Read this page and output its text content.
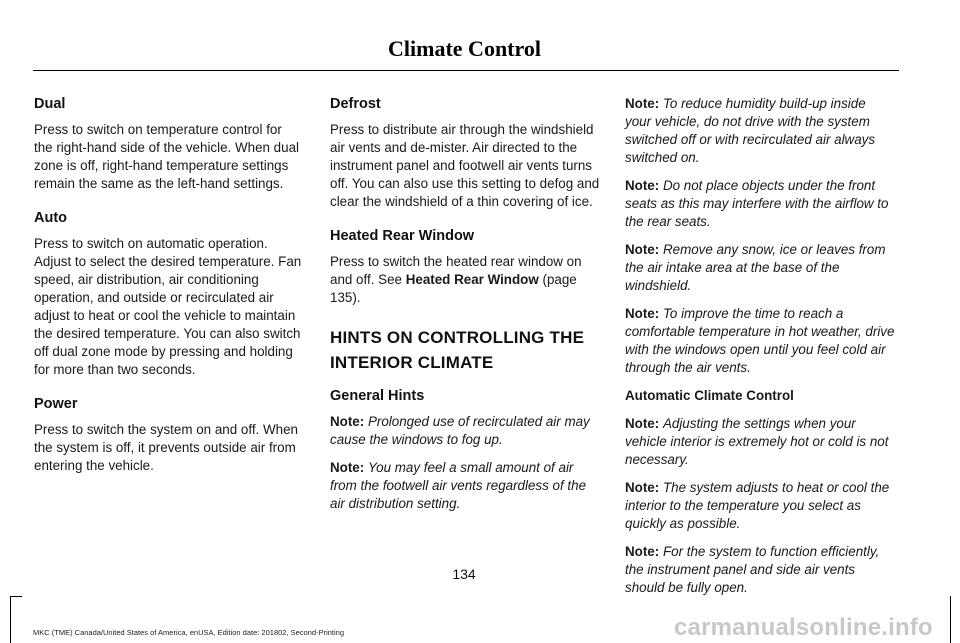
Climate Control
Dual

Press to switch on temperature control for the right-hand side of the vehicle. When dual zone is off, right-hand temperature settings remain the same as the left-hand settings.

Auto

Press to switch on automatic operation. Adjust to select the desired temperature. Fan speed, air distribution, air conditioning operation, and outside or recirculated air adjust to heat or cool the vehicle to maintain the desired temperature. You can also switch off dual zone mode by pressing and holding for more than two seconds.

Power

Press to switch the system on and off. When the system is off, it prevents outside air from entering the vehicle.

Defrost

Press to distribute air through the windshield air vents and de-mister. Air directed to the instrument panel and footwell air vents turns off. You can also use this setting to defog and clear the windshield of a thin covering of ice.

Heated Rear Window

Press to switch the heated rear window on and off. See Heated Rear Window (page 135).

HINTS ON CONTROLLING THE INTERIOR CLIMATE
General Hints

Note: Prolonged use of recirculated air may cause the windows to fog up.

Note: You may feel a small amount of air from the footwell air vents regardless of the air distribution setting.

Note: To reduce humidity build-up inside your vehicle, do not drive with the system switched off or with recirculated air always switched on.

Note: Do not place objects under the front seats as this may interfere with the airflow to the rear seats.

Note: Remove any snow, ice or leaves from the air intake area at the base of the windshield.

Note: To improve the time to reach a comfortable temperature in hot weather, drive with the windows open until you feel cold air through the air vents.

Automatic Climate Control

Note: Adjusting the settings when your vehicle interior is extremely hot or cold is not necessary.

Note: The system adjusts to heat or cool the interior to the temperature you select as quickly as possible.

Note: For the system to function efficiently, the instrument panel and side air vents should be fully open.

134
MKC (TME) Canada/United States of America, enUSA, Edition date: 201802, Second-Printing	carmanualsonline.info
